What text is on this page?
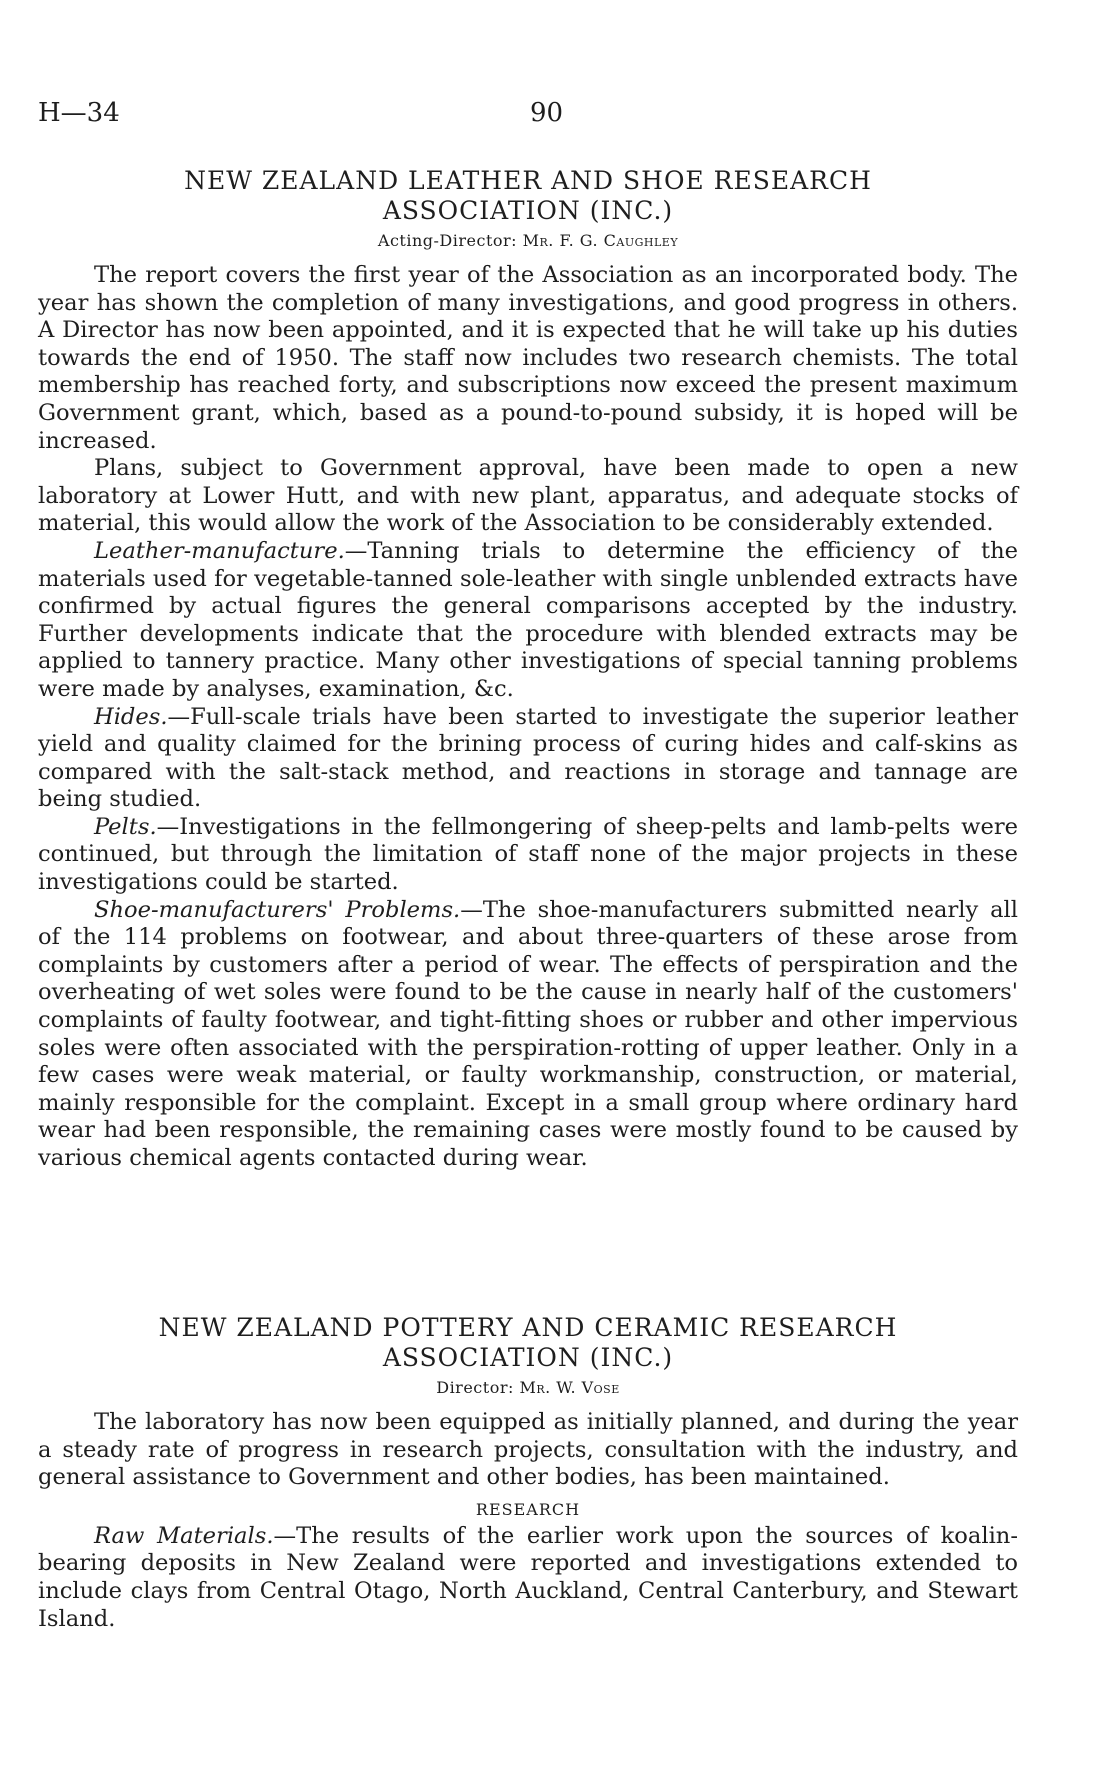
H—34	90
NEW ZEALAND LEATHER AND SHOE RESEARCH
ASSOCIATION (INC.)
Acting-Director: Mr. F. G. Caughley

The report covers the first year of the Association as an incorporated body. The year has shown the completion of many investigations, and good progress in others. A Director has now been appointed, and it is expected that he will take up his duties towards the end of 1950. The staff now includes two research chemists. The total membership has reached forty, and subscriptions now exceed the present maximum Government grant, which, based as a pound-to-pound subsidy, it is hoped will be increased.

Plans, subject to Government approval, have been made to open a new laboratory at Lower Hutt, and with new plant, apparatus, and adequate stocks of material, this would allow the work of the Association to be considerably extended.

Leather-manufacture.—Tanning trials to determine the efficiency of the materials used for vegetable-tanned sole-leather with single unblended extracts have confirmed by actual figures the general comparisons accepted by the industry. Further developments indicate that the procedure with blended extracts may be applied to tannery practice. Many other investigations of special tanning problems were made by analyses, examination, &c.

Hides.—Full-scale trials have been started to investigate the superior leather yield and quality claimed for the brining process of curing hides and calf-skins as compared with the salt-stack method, and reactions in storage and tannage are being studied.

Pelts.—Investigations in the fellmongering of sheep-pelts and lamb-pelts were continued, but through the limitation of staff none of the major projects in these investigations could be started.

Shoe-manufacturers' Problems.—The shoe-manufacturers submitted nearly all of the 114 problems on footwear, and about three-quarters of these arose from complaints by customers after a period of wear. The effects of perspiration and the overheating of wet soles were found to be the cause in nearly half of the customers' complaints of faulty footwear, and tight-fitting shoes or rubber and other impervious soles were often associated with the perspiration-rotting of upper leather. Only in a few cases were weak material, or faulty workmanship, construction, or material, mainly responsible for the complaint. Except in a small group where ordinary hard wear had been responsible, the remaining cases were mostly found to be caused by various chemical agents contacted during wear.

NEW ZEALAND POTTERY AND CERAMIC RESEARCH
ASSOCIATION (INC.)
Director: Mr. W. Vose

The laboratory has now been equipped as initially planned, and during the year a steady rate of progress in research projects, consultation with the industry, and general assistance to Government and other bodies, has been maintained.

RESEARCH

Raw Materials.—The results of the earlier work upon the sources of koalin-bearing deposits in New Zealand were reported and investigations extended to include clays from Central Otago, North Auckland, Central Canterbury, and Stewart Island.
